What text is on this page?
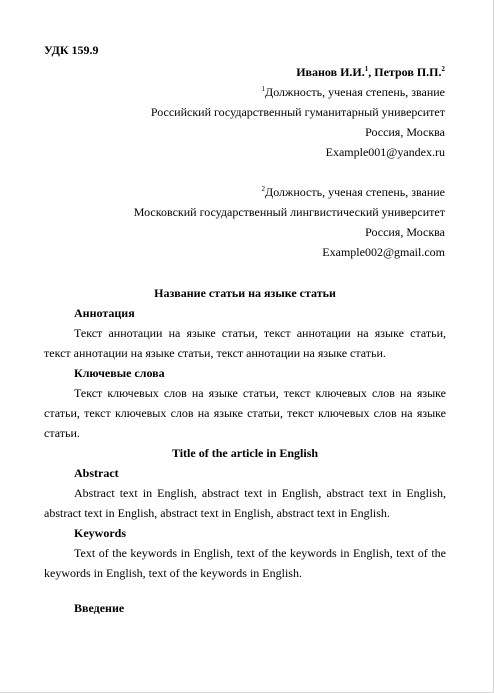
УДК 159.9
Иванов И.И.$^1$, Петров П.П.$^2$
$^1$Должность, ученая степень, звание
Российский государственный гуманитарный университет
Россия, Москва
Example001@yandex.ru
$^2$Должность, ученая степень, звание
Московский государственный лингвистический университет
Россия, Москва
Example002@gmail.com
Название статьи на языке статьи
Аннотация
Текст аннотации на языке статьи, текст аннотации на языке статьи, текст аннотации на языке статьи, текст аннотации на языке статьи.
Ключевые слова
Текст ключевых слов на языке статьи, текст ключевых слов на языке статьи, текст ключевых слов на языке статьи, текст ключевых слов на языке статьи.
Title of the article in English
Abstract
Abstract text in English, abstract text in English, abstract text in English, abstract text in English, abstract text in English, abstract text in English.
Keywords
Text of the keywords in English, text of the keywords in English, text of the keywords in English, text of the keywords in English.
Введение
